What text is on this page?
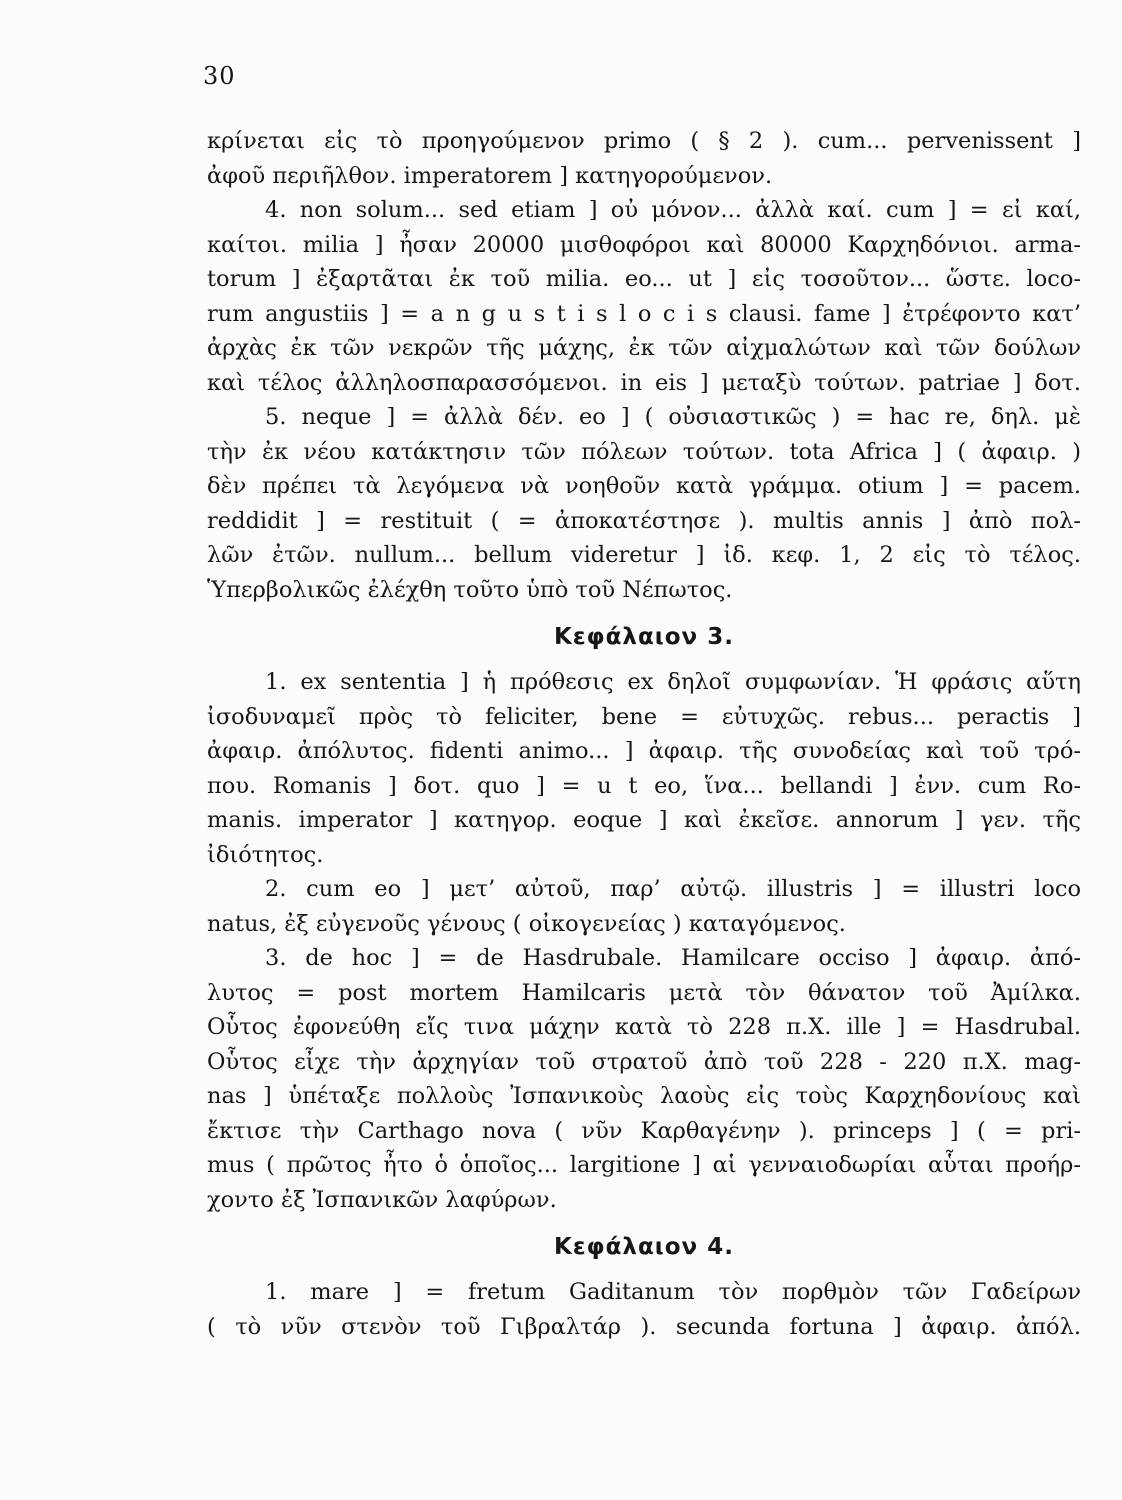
30
κρίνεται εἰς τὸ προηγούμενον primo ( § 2 ). cum... pervenissent ]
ἀφοῦ περιῆλθον. imperatorem ] κατηγορούμενον.
4. non solum... sed etiam ] οὐ μόνον... ἀλλὰ καί. cum ] = εἰ καί,
καίτοι. milia ] ἦσαν 20000 μισθοφόροι καὶ 80000 Καρχηδόνιοι. arma-
torum ] ἐξαρτᾶται ἐκ τοῦ milia. eo... ut ] εἰς τοσοῦτον... ὥστε. loco-
rum angustiis ] = a n g u s t i s l o c i s clausi. fame ] ἐτρέφοντο κατ’
ἀρχὰς ἐκ τῶν νεκρῶν τῆς μάχης, ἐκ τῶν αἰχμαλώτων καὶ τῶν δούλων
καὶ τέλος ἀλληλοσπαρασσόμενοι. in eis ] μεταξὺ τούτων. patriae ] δοτ.
5. neque ] = ἀλλὰ δέν. eo ] ( οὐσιαστικῶς ) = hac re, δηλ. μὲ
τὴν ἐκ νέου κατάκτησιν τῶν πόλεων τούτων. tota Africa ] ( ἀφαιρ. )
δὲν πρέπει τὰ λεγόμενα νὰ νοηθοῦν κατὰ γράμμα. otium ] = pacem.
reddidit ] = restituit ( = ἀποκατέστησε ). multis annis ] ἀπὸ πολ-
λῶν ἐτῶν. nullum... bellum videretur ] ἰδ. κεφ. 1, 2 εἰς τὸ τέλος.
Ὑπερβολικῶς ἐλέχθη τοῦτο ὑπὸ τοῦ Νέπωτος.
Κεφάλαιον 3.
1. ex sententia ] ἡ πρόθεσις ex δηλοῖ συμφωνίαν. Ἡ φράσις αὕτη
ἰσοδυναμεῖ πρὸς τὸ feliciter, bene = εὐτυχῶς. rebus... peractis ]
ἀφαιρ. ἀπόλυτος. fidenti animo... ] ἀφαιρ. τῆς συνοδείας καὶ τοῦ τρό-
που. Romanis ] δοτ. quo ] = u t eo, ἵνα... bellandi ] ἐνν. cum Ro-
manis. imperator ] κατηγορ. eoque ] καὶ ἐκεῖσε. annorum ] γεν. τῆς
ἰδιότητος.
2. cum eo ] μετ’ αὐτοῦ, παρ’ αὐτῷ. illustris ] = illustri loco
natus, ἐξ εὐγενοῦς γένους ( οἰκογενείας ) καταγόμενος.
3. de hoc ] = de Hasdrubale. Hamilcare occiso ] ἀφαιρ. ἀπό-
λυτος = post mortem Hamilcaris μετὰ τὸν θάνατον τοῦ Ἀμίλκα.
Οὗτος ἐφονεύθη εἴς τινα μάχην κατὰ τὸ 228 π.Χ. ille ] = Hasdrubal.
Οὗτος εἶχε τὴν ἀρχηγίαν τοῦ στρατοῦ ἀπὸ τοῦ 228 - 220 π.Χ. mag-
nas ] ὑπέταξε πολλοὺς Ἰσπανικοὺς λαοὺς εἰς τοὺς Καρχηδονίους καὶ
ἔκτισε τὴν Carthago nova ( νῦν Καρθαγένην ). princeps ] ( = pri-
mus ( πρῶτος ἦτο ὁ ὁποῖος... largitione ] αἱ γενναιοδωρίαι αὗται προήρ-
χοντο ἐξ Ἰσπανικῶν λαφύρων.
Κεφάλαιον 4.
1. mare ] = fretum Gaditanum τὸν πορθμὸν τῶν Γαδείρων
( τὸ νῦν στενὸν τοῦ Γιβραλτάρ ). secunda fortuna ] ἀφαιρ. ἀπόλ.
